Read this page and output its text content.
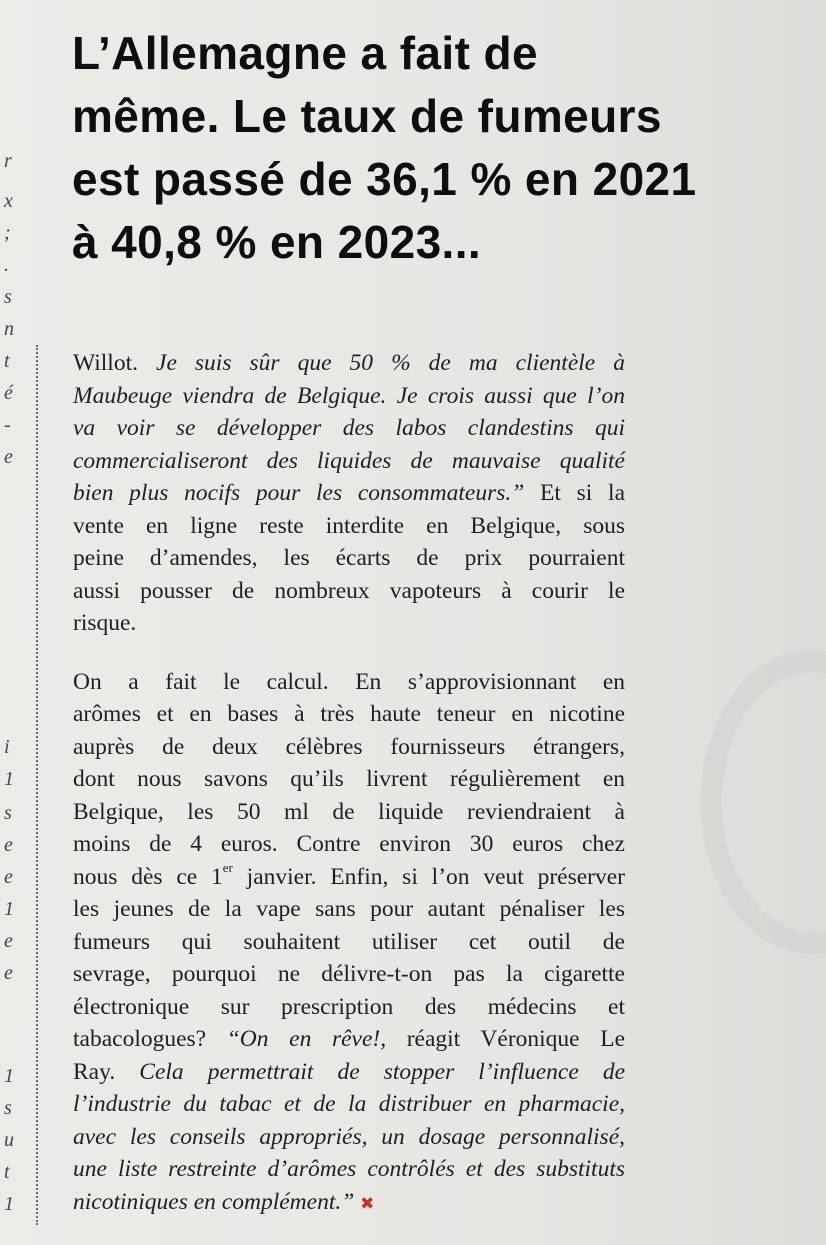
r
x
;
.
s
n
t
é
-
e
i
1
s
e
e
1
e
e
1
s
u
t
1
L’Allemagne a fait de
même. Le taux de fumeurs
est passé de 36,1 % en 2021
à 40,8 % en 2023...
Willot. Je suis sûr que 50 % de ma clientèle à
Maubeuge viendra de Belgique. Je crois aussi que l’on
va voir se développer des labos clandestins qui
commercialiseront des liquides de mauvaise qualité
bien plus nocifs pour les consommateurs.” Et si la
vente en ligne reste interdite en Belgique, sous
peine d’amendes, les écarts de prix pourraient
aussi pousser de nombreux vapoteurs à courir le
risque.
On a fait le calcul. En s’approvisionnant en
arômes et en bases à très haute teneur en nicotine
auprès de deux célèbres fournisseurs étrangers,
dont nous savons qu’ils livrent régulièrement en
Belgique, les 50 ml de liquide reviendraient à
moins de 4 euros. Contre environ 30 euros chez
nous dès ce 1er janvier. Enfin, si l’on veut préserver
les jeunes de la vape sans pour autant pénaliser les
fumeurs qui souhaitent utiliser cet outil de
sevrage, pourquoi ne délivre-t-on pas la cigarette
électronique sur prescription des médecins et
tabacologues? “On en rêve!, réagit Véronique Le
Ray. Cela permettrait de stopper l’influence de
l’industrie du tabac et de la distribuer en pharmacie,
avec les conseils appropriés, un dosage personnalisé,
une liste restreinte d’arômes contrôlés et des substituts
nicotiniques en complément.” ✖
